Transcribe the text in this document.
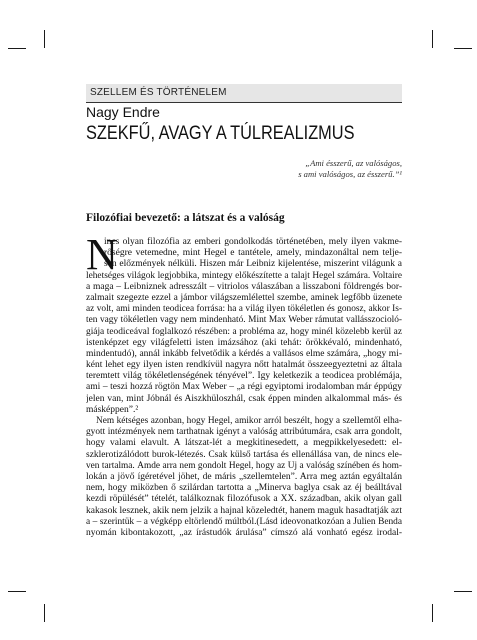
SZELLEM ÉS TÖRTÉNELEM
Nagy Endre
SZEKFŰ, AVAGY A TÚLREALIZMUS
„Ami ésszerű, az valóságos,
s ami valóságos, az ésszerű.”¹
Filozófiai bevezető: a látszat és a valóság
N
incs olyan filozófia az emberi gondolkodás történetében, mely ilyen vakme-
rőségre vetemedne, mint Hegel e tantétele, amely, mindazonáltal nem telje-
sen előzmények nélküli. Hiszen már Leibniz kijelentése, miszerint világunk a
lehetséges világok legjobbika, mintegy előkészítette a talajt Hegel számára. Voltaire
a maga – Leibniznek adresszált – vitriolos válaszában a lisszaboni földrengés bor-
zalmait szegezte ezzel a jámbor világszemlélettel szembe, aminek legfőbb üzenete
az volt, ami minden teodicea forrása: ha a világ ilyen tökéletlen és gonosz, akkor Is-
ten vagy tökéletlen vagy nem mindenható. Mint Max Weber rámutat vallásszocioló-
giája teodiceával foglalkozó részében: a probléma az, hogy minél közelebb kerül az
istenképzet egy világfeletti isten imázsához (aki tehát: örökkévaló, mindenható,
mindentudó), annál inkább felvetődik a kérdés a vallásos elme számára, „hogy mi-
ként lehet egy ilyen isten rendkívül nagyra nőtt hatalmát összeegyeztetni az általa
teremtett világ tökéletlenségének tényével”. Így keletkezik a teodicea problémája,
ami – teszi hozzá rögtön Max Weber – „a régi egyiptomi irodalomban már éppúgy
jelen van, mint Jóbnál és Aiszkhüloszhál, csak éppen minden alkalommal más- és
másképpen”.²
Nem kétséges azonban, hogy Hegel, amikor arról beszélt, hogy a szellemtől elha-
gyott intézmények nem tarthatnak igényt a valóság attribútumára, csak arra gondolt,
hogy valami elavult. A látszat-lét a megkitinesedett, a megpikkelyesedett: el-
szklerotizálódott burok-létezés. Csak külső tartása és ellenállása van, de nincs ele-
ven tartalma. Ámde arra nem gondolt Hegel, hogy az Új a valóság színében és hom-
lokán a jövő ígéretével jöhet, de máris „szellemtelen”. Arra meg aztán egyáltalán
nem, hogy miközben ő szilárdan tartotta a „Minerva baglya csak az éj beálltával
kezdi röpülését” tételét, találkoznak filozófusok a XX. században, akik olyan gall
kakasok lesznek, akik nem jelzik a hajnal közeledtét, hanem maguk hasadtatják azt
a – szerintük – a végképp eltörlendő múltból.(Lásd ideovonatkozóan a Julien Benda
nyomán kibontakozott, „az írástudók árulása” címszó alá vonható egész irodal-
